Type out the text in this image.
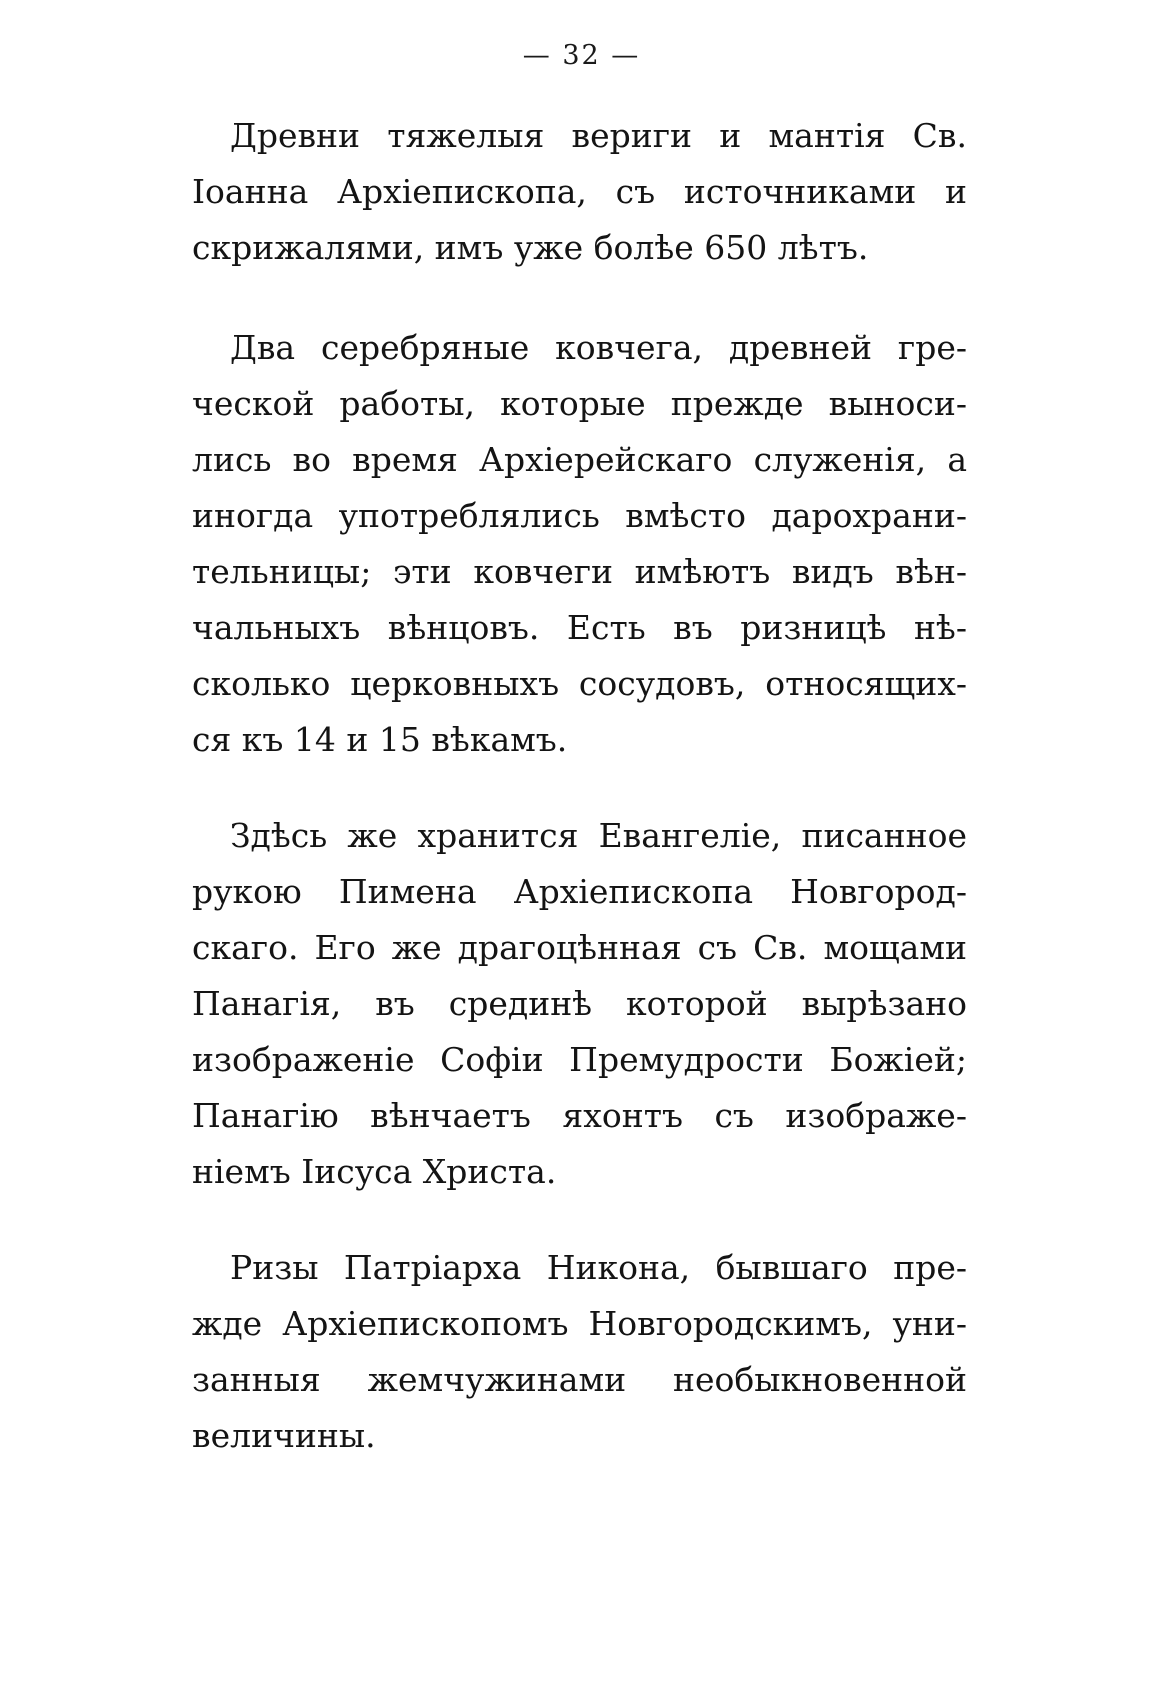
— 32 —
Древни тяжелыя вериги и мантія Св.
Іоанна Архіепископа, съ источниками и
скрижалями, имъ уже болѣе 650 лѣтъ.
Два серебряные ковчега, древней гре-
ческой работы, которые прежде выноси-
лись во время Архіерейскаго служенія, а
иногда употреблялись вмѣсто дарохрани-
тельницы; эти ковчеги имѣютъ видъ вѣн-
чальныхъ вѣнцовъ. Есть въ ризницѣ нѣ-
сколько церковныхъ сосудовъ, относящих-
ся къ 14 и 15 вѣкамъ.
Здѣсь же хранится Евангеліе, писанное
рукою Пимена Архіепископа Новгород-
скаго. Его же драгоцѣнная съ Св. мощами
Панагія, въ срединѣ которой вырѣзано
изображеніе Софіи Премудрости Божіей;
Панагію вѣнчаетъ яхонтъ съ изображе-
ніемъ Іисуса Христа.
Ризы Патріарха Никона, бывшаго пре-
жде Архіепископомъ Новгородскимъ, уни-
занныя жемчужинами необыкновенной
величины.
